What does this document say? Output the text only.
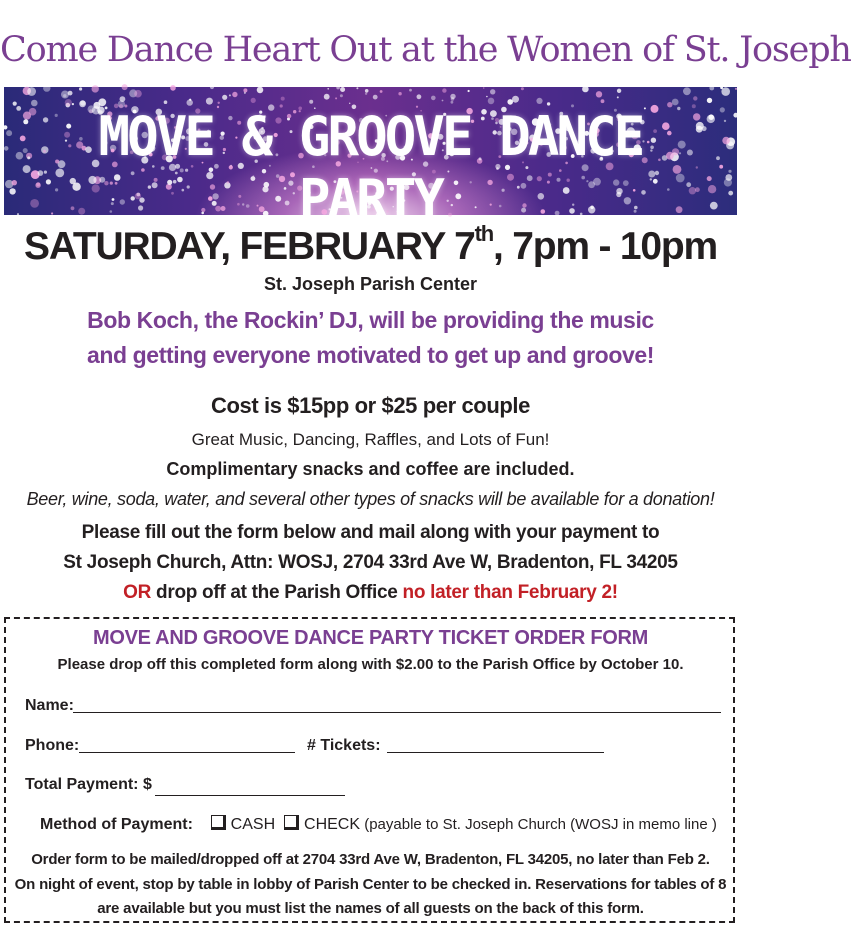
Come Dance Heart Out at the Women of St. Joseph
MOVE & GROOVE DANCE PARTY
SATURDAY, FEBRUARY 7th, 7pm - 10pm
St. Joseph Parish Center
Bob Koch, the Rockin’ DJ, will be providing the music
and getting everyone motivated to get up and groove!
Cost is $15pp or $25 per couple
Great Music, Dancing, Raffles, and Lots of Fun!
Complimentary snacks and coffee are included.
Beer, wine, soda, water, and several other types of snacks will be available for a donation!
Please fill out the form below and mail along with your payment to
St Joseph Church, Attn: WOSJ, 2704 33rd Ave W, Bradenton, FL 34205
OR drop off at the Parish Office no later than February 2!
MOVE AND GROOVE DANCE PARTY TICKET ORDER FORM
Please drop off this completed form along with $2.00 to the Parish Office by October 10.
Name:
Phone:	# Tickets:
Total Payment: $
Method of Payment: CASH CHECK (payable to St. Joseph Church (WOSJ in memo line )
Order form to be mailed/dropped off at 2704 33rd Ave W, Bradenton, FL 34205, no later than Feb 2.
On night of event, stop by table in lobby of Parish Center to be checked in. Reservations for tables of 8
are available but you must list the names of all guests on the back of this form.
